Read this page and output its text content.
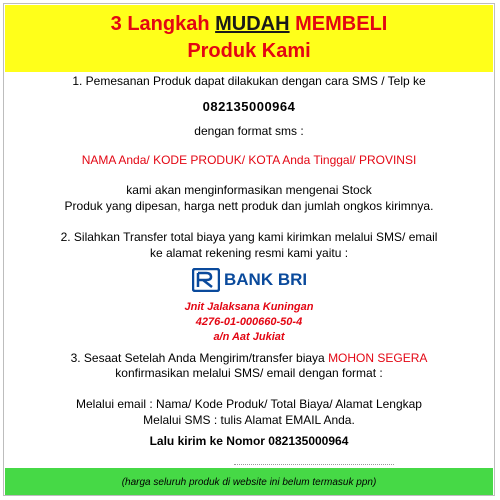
3 Langkah MUDAH MEMBELI
Produk Kami
1. Pemesanan Produk dapat dilakukan dengan cara SMS / Telp ke
082135000964
dengan format sms :
NAMA Anda/ KODE PRODUK/ KOTA Anda Tinggal/ PROVINSI
kami akan menginformasikan mengenai Stock
Produk yang dipesan, harga nett produk dan jumlah ongkos kirimnya.
2. Silahkan Transfer total biaya yang kami kirimkan melalui SMS/ email
ke alamat rekening resmi kami yaitu :
BANK BRI
Jnit Jalaksana Kuningan
4276-01-000660-50-4
a/n Aat Jukiat
3. Sesaat Setelah Anda Mengirim/transfer biaya MOHON SEGERA
konfirmasikan melalui SMS/ email dengan format :
Melalui email : Nama/ Kode Produk/ Total Biaya/ Alamat Lengkap
Melalui SMS : tulis Alamat EMAIL Anda.
Lalu kirim ke Nomor 082135000964
(harga seluruh produk di website ini belum termasuk ppn)
